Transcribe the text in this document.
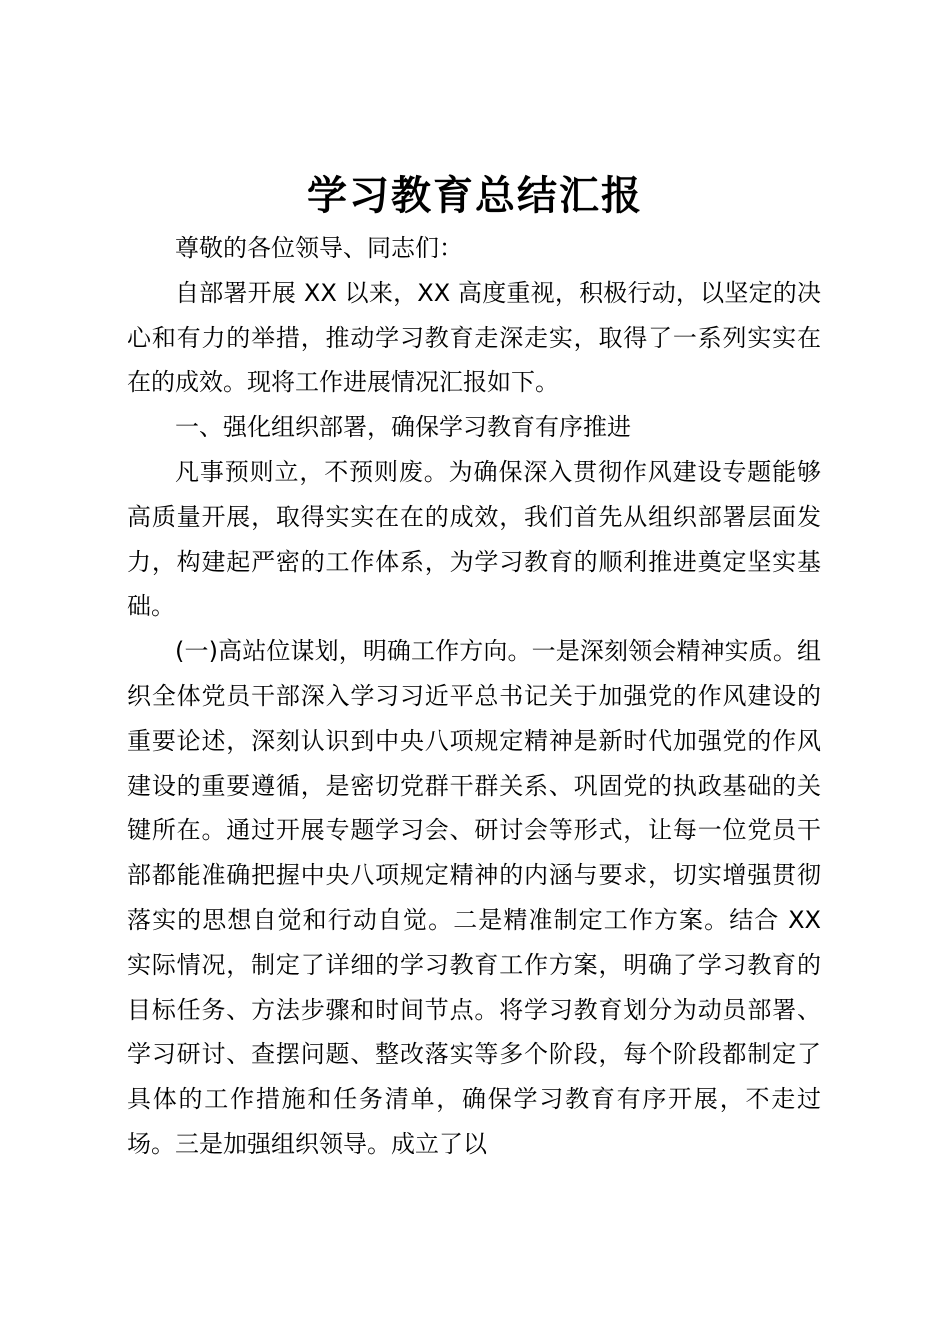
学习教育总结汇报

尊敬的各位领导、同志们：

自部署开展 XX 以来，XX 高度重视，积极行动，以坚定的决心和有力的举措，推动学习教育走深走实，取得了一系列实实在在的成效。现将工作进展情况汇报如下。

一、强化组织部署，确保学习教育有序推进

凡事预则立，不预则废。为确保深入贯彻作风建设专题能够高质量开展，取得实实在在的成效，我们首先从组织部署层面发力，构建起严密的工作体系，为学习教育的顺利推进奠定坚实基础。

(一)高站位谋划，明确工作方向。一是深刻领会精神实质。组织全体党员干部深入学习习近平总书记关于加强党的作风建设的重要论述，深刻认识到中央八项规定精神是新时代加强党的作风建设的重要遵循，是密切党群干群关系、巩固党的执政基础的关键所在。通过开展专题学习会、研讨会等形式，让每一位党员干部都能准确把握中央八项规定精神的内涵与要求，切实增强贯彻落实的思想自觉和行动自觉。二是精准制定工作方案。结合 XX 实际情况，制定了详细的学习教育工作方案，明确了学习教育的目标任务、方法步骤和时间节点。将学习教育划分为动员部署、学习研讨、查摆问题、整改落实等多个阶段，每个阶段都制定了具体的工作措施和任务清单，确保学习教育有序开展，不走过场。三是加强组织领导。成立了以
